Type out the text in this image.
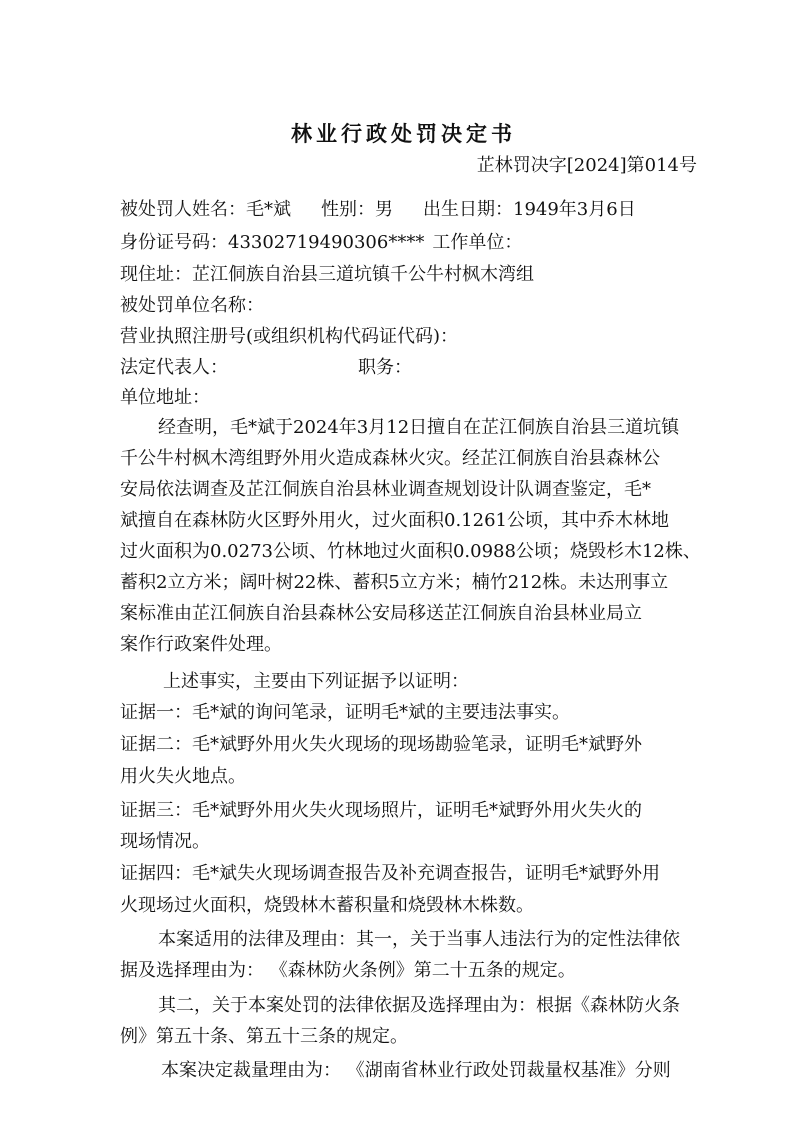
林业行政处罚决定书
芷林罚决字[2024]第014号
被处罚人姓名：毛*斌 性别：男 出生日期：1949年3月6日
身份证号码：43302719490306**** 工作单位：
现住址：芷江侗族自治县三道坑镇千公牛村枫木湾组
被处罚单位名称：
营业执照注册号(或组织机构代码证代码)：
法定代表人：	职务：
单位地址：
经查明，毛*斌于2024年3月12日擅自在芷江侗族自治县三道坑镇
千公牛村枫木湾组野外用火造成森林火灾。经芷江侗族自治县森林公
安局依法调查及芷江侗族自治县林业调查规划设计队调查鉴定，毛*
斌擅自在森林防火区野外用火，过火面积0.1261公顷，其中乔木林地
过火面积为0.0273公顷、竹林地过火面积0.0988公顷；烧毁杉木12株、
蓄积2立方米；阔叶树22株、蓄积5立方米；楠竹212株。未达刑事立
案标准由芷江侗族自治县森林公安局移送芷江侗族自治县林业局立
案作行政案件处理。
上述事实，主要由下列证据予以证明：
证据一：毛*斌的询问笔录，证明毛*斌的主要违法事实。
证据二：毛*斌野外用火失火现场的现场勘验笔录，证明毛*斌野外
用火失火地点。
证据三：毛*斌野外用火失火现场照片，证明毛*斌野外用火失火的
现场情况。
证据四：毛*斌失火现场调查报告及补充调查报告，证明毛*斌野外用
火现场过火面积，烧毁林木蓄积量和烧毁林木株数。
本案适用的法律及理由：其一，关于当事人违法行为的定性法律依
据及选择理由为： 《森林防火条例》第二十五条的规定。
其二，关于本案处罚的法律依据及选择理由为：根据《森林防火条
例》第五十条、第五十三条的规定。
本案决定裁量理由为： 《湖南省林业行政处罚裁量权基准》分则
